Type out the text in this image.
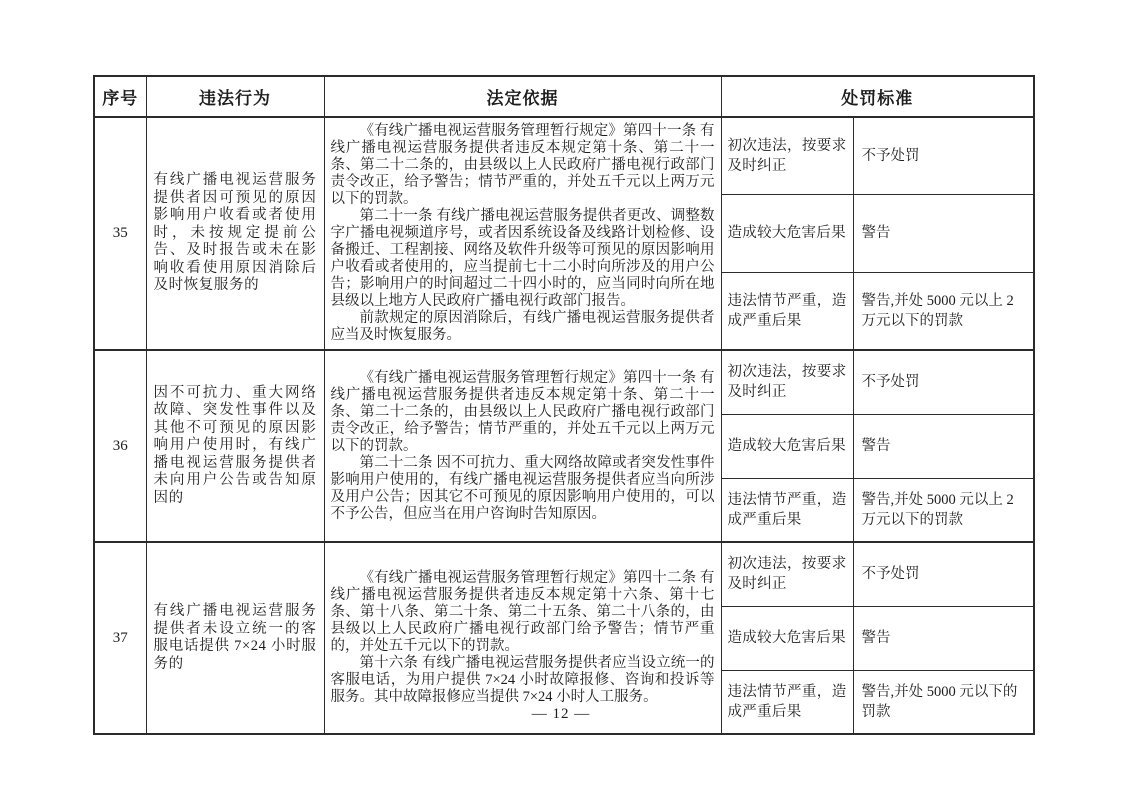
序号	违法行为	法定依据	处罚标准	
35	有线广播电视运营服务提供者因可预见的原因影响用户收看或者使用时，未按规定提前公告、及时报告或未在影响收看使用原因消除后及时恢复服务的	《有线广播电视运营服务管理暂行规定》第四十一条 有线广播电视运营服务提供者违反本规定第十条、第二十一条、第二十二条的，由县级以上人民政府广播电视行政部门责令改正，给予警告；情节严重的，并处五千元以上两万元以下的罚款。

第二十一条 有线广播电视运营服务提供者更改、调整数字广播电视频道序号，或者因系统设备及线路计划检修、设备搬迁、工程割接、网络及软件升级等可预见的原因影响用户收看或者使用的，应当提前七十二小时向所涉及的用户公告；影响用户的时间超过二十四小时的，应当同时向所在地县级以上地方人民政府广播电视行政部门报告。

前款规定的原因消除后，有线广播电视运营服务提供者应当及时恢复服务。	初次违法，按要求及时纠正	不予处罚
			造成较大危害后果	警告
			违法情节严重，造成严重后果	警告,并处 5000 元以上 2 万元以下的罚款
36	因不可抗力、重大网络故障、突发性事件以及其他不可预见的原因影响用户使用时，有线广播电视运营服务提供者未向用户公告或告知原因的	《有线广播电视运营服务管理暂行规定》第四十一条 有线广播电视运营服务提供者违反本规定第十条、第二十一条、第二十二条的，由县级以上人民政府广播电视行政部门责令改正，给予警告；情节严重的，并处五千元以上两万元以下的罚款。

第二十二条 因不可抗力、重大网络故障或者突发性事件影响用户使用的，有线广播电视运营服务提供者应当向所涉及用户公告；因其它不可预见的原因影响用户使用的，可以不予公告，但应当在用户咨询时告知原因。	初次违法，按要求及时纠正	不予处罚
			造成较大危害后果	警告
			违法情节严重，造成严重后果	警告,并处 5000 元以上 2 万元以下的罚款
37	有线广播电视运营服务提供者未设立统一的客服电话提供 7×24 小时服务的	《有线广播电视运营服务管理暂行规定》第四十二条 有线广播电视运营服务提供者违反本规定第十六条、第十七条、第十八条、第二十条、第二十五条、第二十八条的，由县级以上人民政府广播电视行政部门给予警告；情节严重的，并处五千元以下的罚款。

第十六条 有线广播电视运营服务提供者应当设立统一的客服电话，为用户提供 7×24 小时故障报修、咨询和投诉等服务。其中故障报修应当提供 7×24 小时人工服务。	初次违法，按要求及时纠正	不予处罚
			造成较大危害后果	警告
			违法情节严重，造成严重后果	警告,并处 5000 元以下的罚款
— 12 —
